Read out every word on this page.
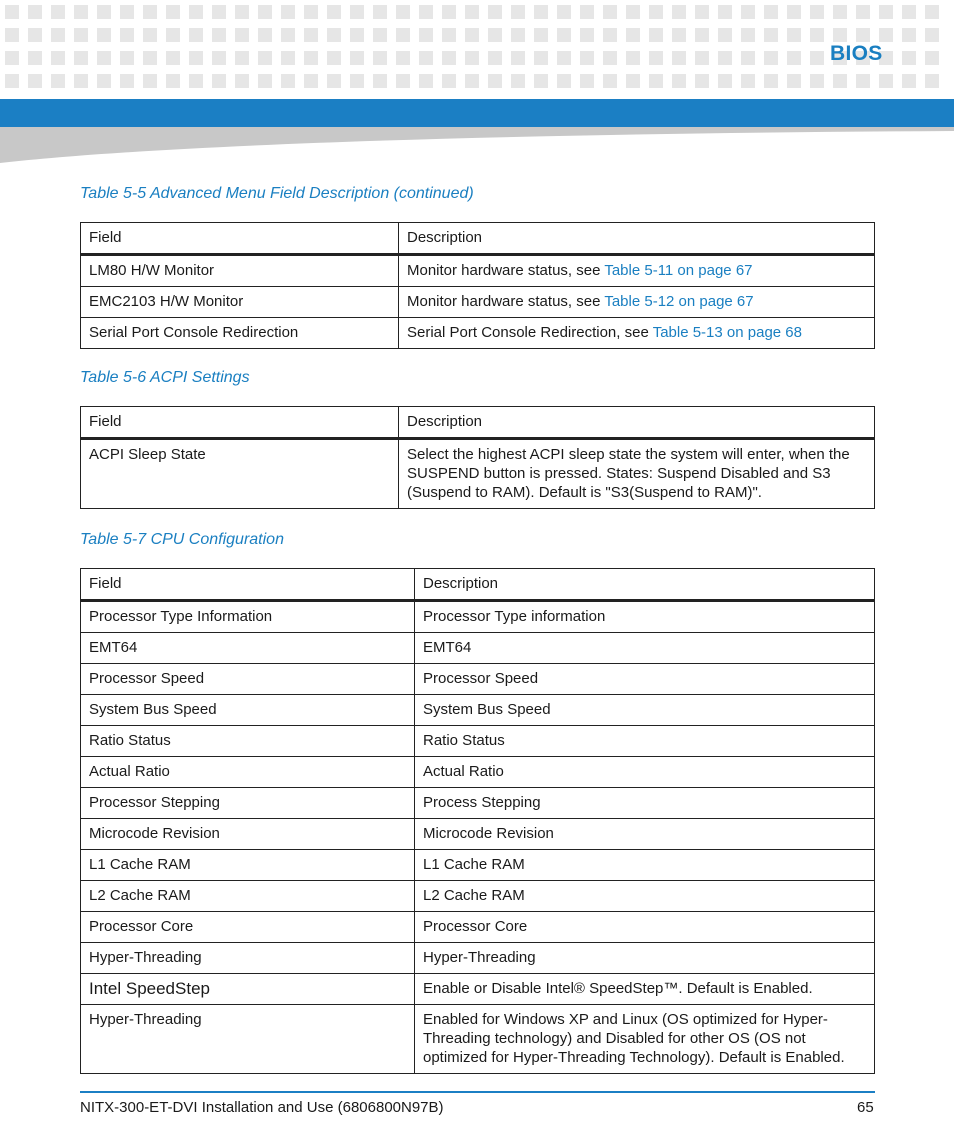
BIOS
Table 5-5 Advanced Menu Field Description (continued)
Field	Description
LM80 H/W Monitor	Monitor hardware status, see Table 5-11 on page 67
EMC2103 H/W Monitor	Monitor hardware status, see Table 5-12 on page 67
Serial Port Console Redirection	Serial Port Console Redirection, see Table 5-13 on page 68
Table 5-6 ACPI Settings
Field	Description
ACPI Sleep State	Select the highest ACPI sleep state the system will enter, when the SUSPEND button is pressed. States: Suspend Disabled and S3 (Suspend to RAM). Default is "S3(Suspend to RAM)".
Table 5-7 CPU Configuration
Field	Description
Processor Type Information	Processor Type information
EMT64	EMT64
Processor Speed	Processor Speed
System Bus Speed	System Bus Speed
Ratio Status	Ratio Status
Actual Ratio	Actual Ratio
Processor Stepping	Process Stepping
Microcode Revision	Microcode Revision
L1 Cache RAM	L1 Cache RAM
L2 Cache RAM	L2 Cache RAM
Processor Core	Processor Core
Hyper-Threading	Hyper-Threading
Intel SpeedStep	Enable or Disable Intel® SpeedStep™. Default is Enabled.
Hyper-Threading	Enabled for Windows XP and Linux (OS optimized for Hyper-Threading technology) and Disabled for other OS (OS not optimized for Hyper-Threading Technology). Default is Enabled.
NITX-300-ET-DVI Installation and Use (6806800N97B)	65
